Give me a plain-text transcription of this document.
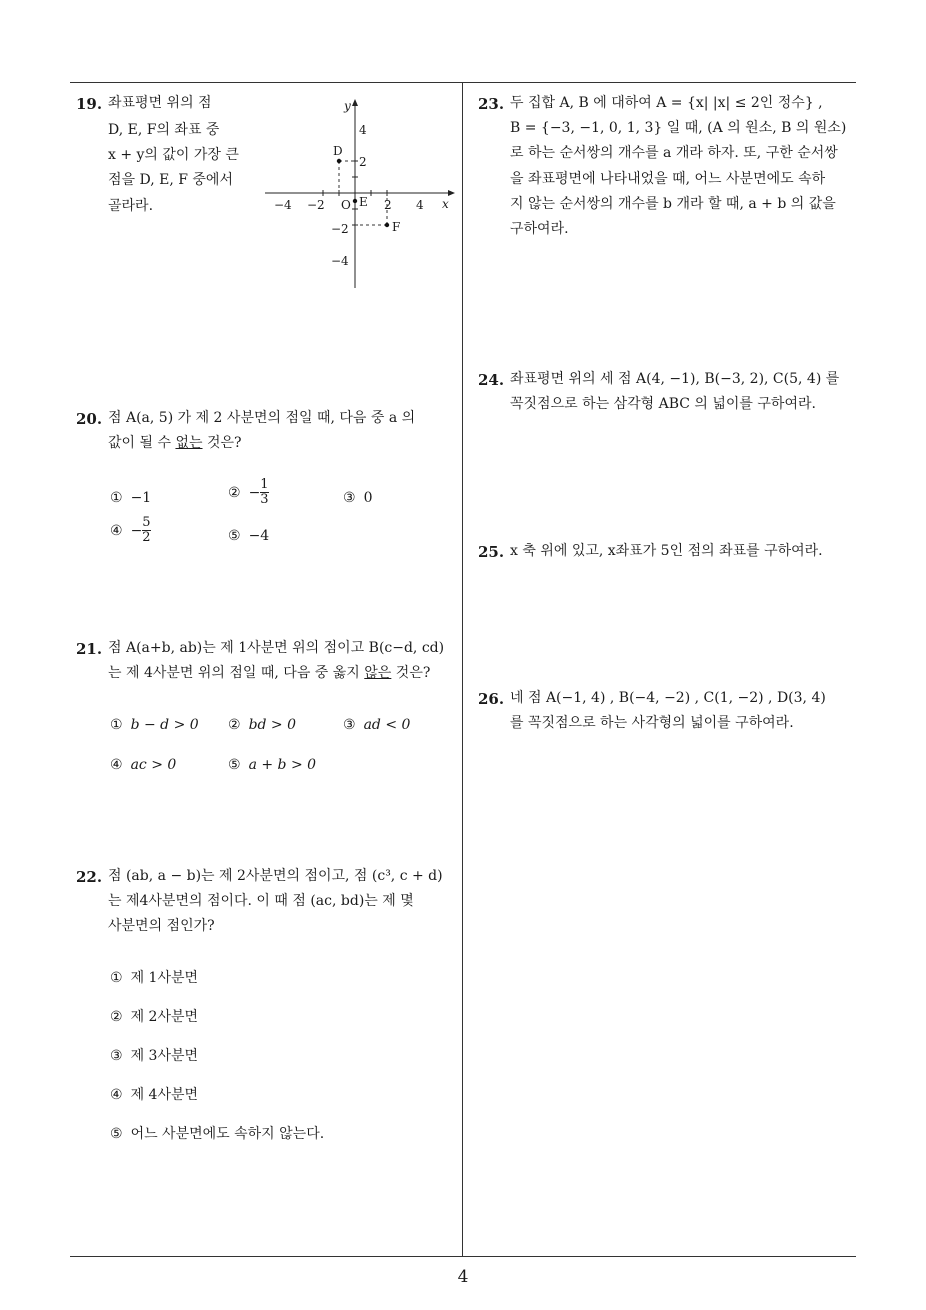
19. 좌표평면 위의 점

D, E, F의 좌표 중

x + y의 값이 가장 큰

점을 D, E, F 중에서

골라라.

D
E
F
x
y
O
−4 −2	2 4
4
2
−2
−4
20. 점 A(a, 5) 가 제 2 사분면의 점일 때, 다음 중 a 의

값이 될 수 없는 것은?

① −1	② − $\frac{1}{3}$	③ 0
④ − $\frac{5}{2}$	⑤ −4
21. 점 A(a+b, ab)는 제 1사분면 위의 점이고 B(c−d, cd)

는 제 4사분면 위의 점일 때, 다음 중 옳지 않은 것은?

① b − d > 0 ② bd > 0	③ ad < 0
④ ac > 0	⑤ a + b > 0
22. 점 (ab, a − b)는 제 2사분면의 점이고, 점 (c³, c + d)

는 제4사분면의 점이다. 이 때 점 (ac, bd)는 제 몇

사분면의 점인가?

① 제 1사분면
② 제 2사분면
③ 제 3사분면
④ 제 4사분면
⑤ 어느 사분면에도 속하지 않는다.
23. 두 집합 A, B 에 대하여 A = {x| |x| ≤ 2인 정수} ,

B = {−3, −1, 0, 1, 3} 일 때, (A 의 원소, B 의 원소)

로 하는 순서쌍의 개수를 a 개라 하자. 또, 구한 순서쌍

을 좌표평면에 나타내었을 때, 어느 사분면에도 속하

지 않는 순서쌍의 개수를 b 개라 할 때, a + b 의 값을

구하여라.

24. 좌표평면 위의 세 점 A(4, −1), B(−3, 2), C(5, 4) 를

꼭짓점으로 하는 삼각형 ABC 의 넓이를 구하여라.

25. x 축 위에 있고, x좌표가 5인 점의 좌표를 구하여라.

26. 네 점 A(−1, 4) , B(−4, −2) , C(1, −2) , D(3, 4)

를 꼭짓점으로 하는 사각형의 넓이를 구하여라.

4
